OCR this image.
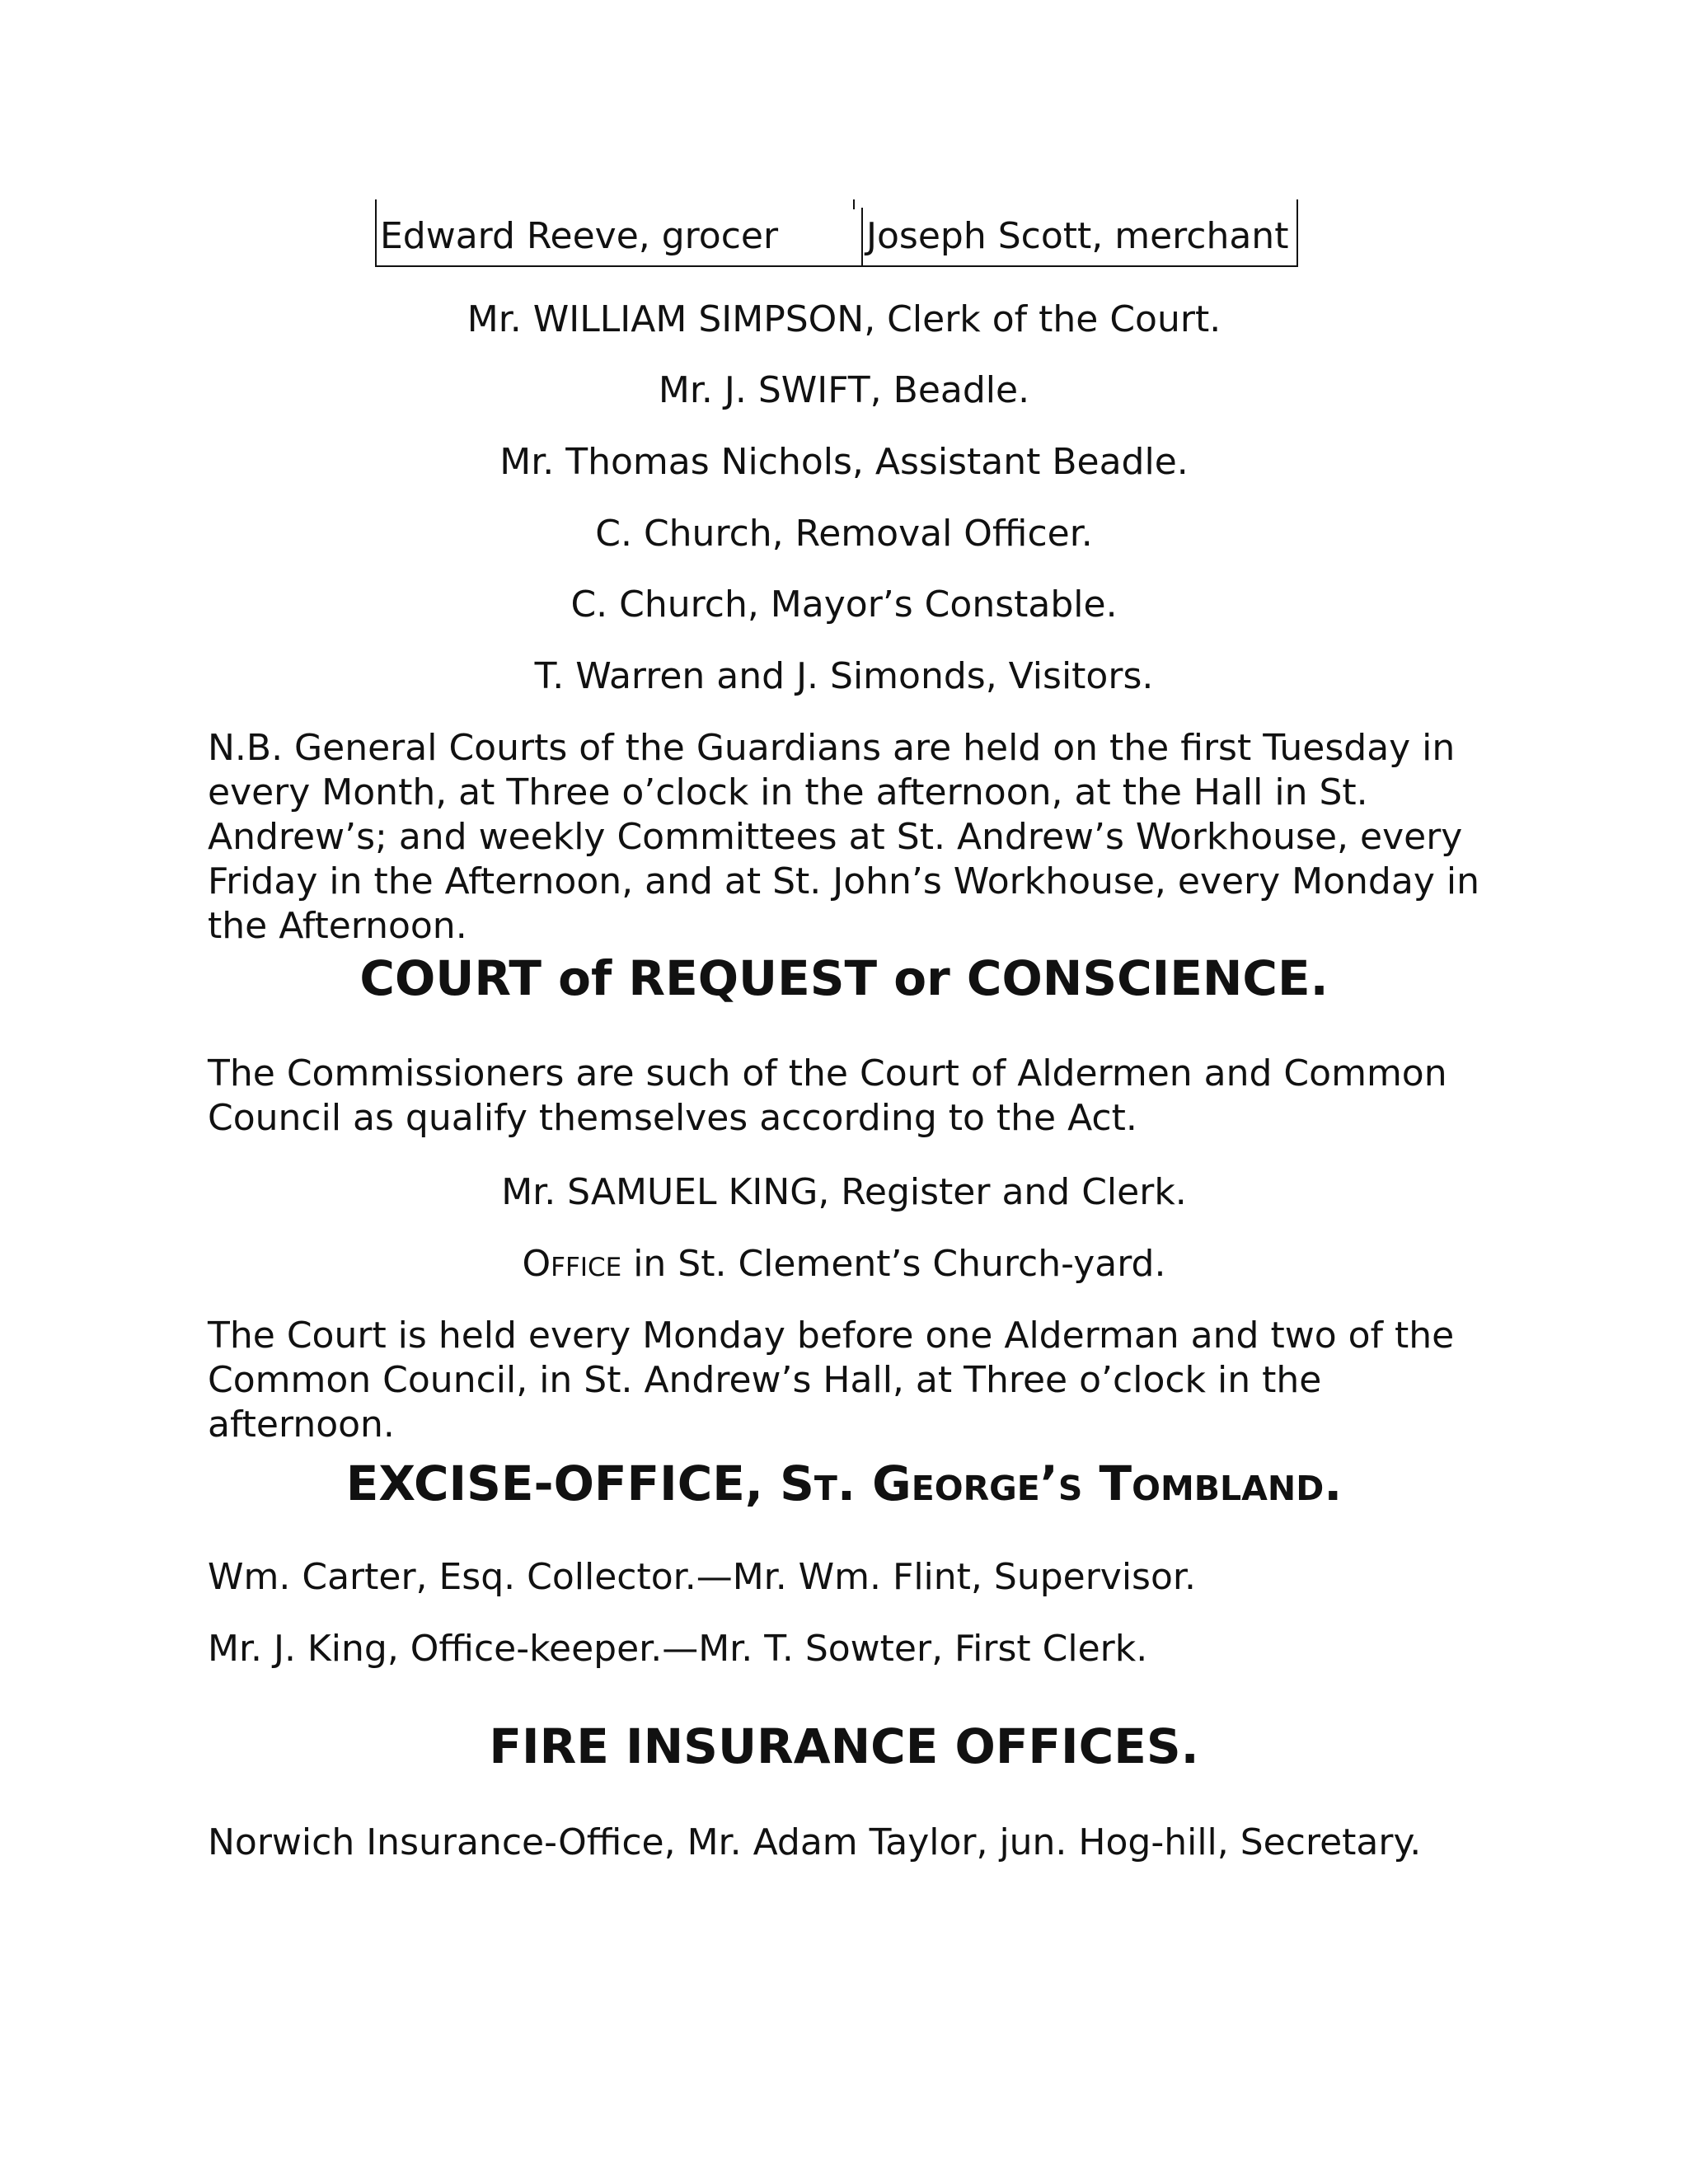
Edward Reeve, grocer	Joseph Scott, merchant
Mr. WILLIAM SIMPSON, Clerk of the Court.
Mr. J. SWIFT, Beadle.
Mr. Thomas Nichols, Assistant Beadle.
C. Church, Removal Officer.
C. Church, Mayor’s Constable.
T. Warren and J. Simonds, Visitors.
N.B. General Courts of the Guardians are held on the first Tuesday in every Month, at Three o’clock in the afternoon, at the Hall in St. Andrew’s; and weekly Committees at St. Andrew’s Workhouse, every Friday in the Afternoon, and at St. John’s Workhouse, every Monday in the Afternoon.
COURT of REQUEST or CONSCIENCE.
The Commissioners are such of the Court of Aldermen and Common Council as qualify themselves according to the Act.
Mr. SAMUEL KING, Register and Clerk.
Office in St. Clement’s Church-yard.
The Court is held every Monday before one Alderman and two of the Common Council, in St. Andrew’s Hall, at Three o’clock in the afternoon.
EXCISE-OFFICE, St. George’s Tombland.
Wm. Carter, Esq. Collector.—Mr. Wm. Flint, Supervisor.
Mr. J. King, Office-keeper.—Mr. T. Sowter, First Clerk.
FIRE INSURANCE OFFICES.
Norwich Insurance-Office, Mr. Adam Taylor, jun. Hog-hill, Secretary.
